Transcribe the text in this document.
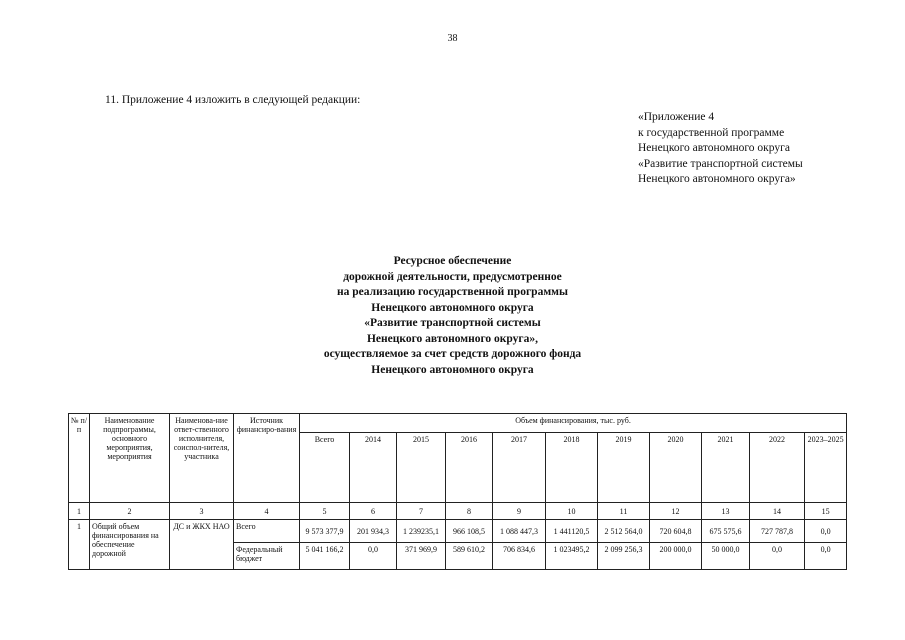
38
11. Приложение 4 изложить в следующей редакции:
«Приложение 4
к государственной программе
Ненецкого автономного округа
«Развитие транспортной системы
Ненецкого автономного округа»
Ресурсное обеспечение
дорожной деятельности, предусмотренное
на реализацию государственной программы
Ненецкого автономного округа
«Развитие транспортной системы
Ненецкого автономного округа»,
осуществляемое за счет средств дорожного фонда
Ненецкого автономного округа
№ п/п	Наименование подпрограммы, основного мероприятия, мероприятия	Наименова-ние ответ-ственного исполнителя, соиспол-нителя, участника	Источник финансиро-вания	Объем финансирования, тыс. руб.										
				Всего	2014	2015	2016	2017	2018	2019	2020	2021	2022	2023–2025
1	2	3	4	5	6	7	8	9	10	11	12	13	14	15
1	Общий объем финансирования на обеспечение дорожной	ДС и ЖКХ НАО	Всего	9 573 377,9	201 934,3	1 239235,1	966 108,5	1 088 447,3	1 441120,5	2 512 564,0	720 604,8	675 575,6	727 787,8	0,0
			Федеральный бюджет	5 041 166,2	0,0	371 969,9	589 610,2	706 834,6	1 023495,2	2 099 256,3	200 000,0	50 000,0	0,0	0,0
